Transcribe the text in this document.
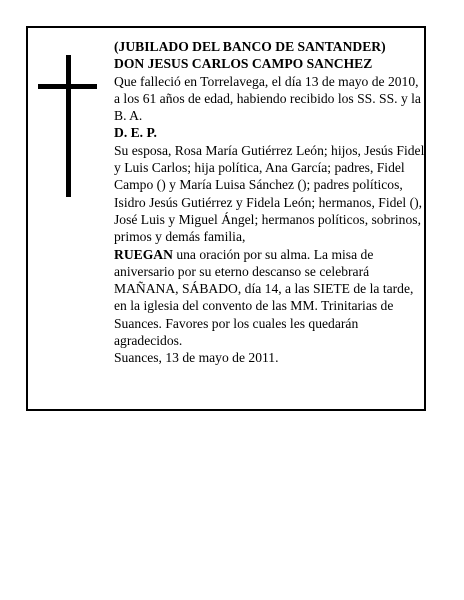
(JUBILADO DEL BANCO DE SANTANDER)

DON JESUS CARLOS CAMPO SANCHEZ

Que falleció en Torrelavega, el día 13 de mayo de 2010, a los 61 años de edad, habiendo recibido los SS. SS. y la B. A.

D. E. P.

Su esposa, Rosa María Gutiérrez León; hijos, Jesús Fidel y Luis Carlos; hija política, Ana García; padres, Fidel Campo () y María Luisa Sánchez (); padres políticos, Isidro Jesús Gutiérrez y Fidela León; hermanos, Fidel (), José Luis y Miguel Ángel; hermanos políticos, sobrinos, primos y demás familia,

RUEGAN una oración por su alma. La misa de aniversario por su eterno descanso se celebrará MAÑANA, SÁBADO, día 14, a las SIETE de la tarde, en la iglesia del convento de las MM. Trinitarias de Suances. Favores por los cuales les quedarán agradecidos.

Suances, 13 de mayo de 2011.
